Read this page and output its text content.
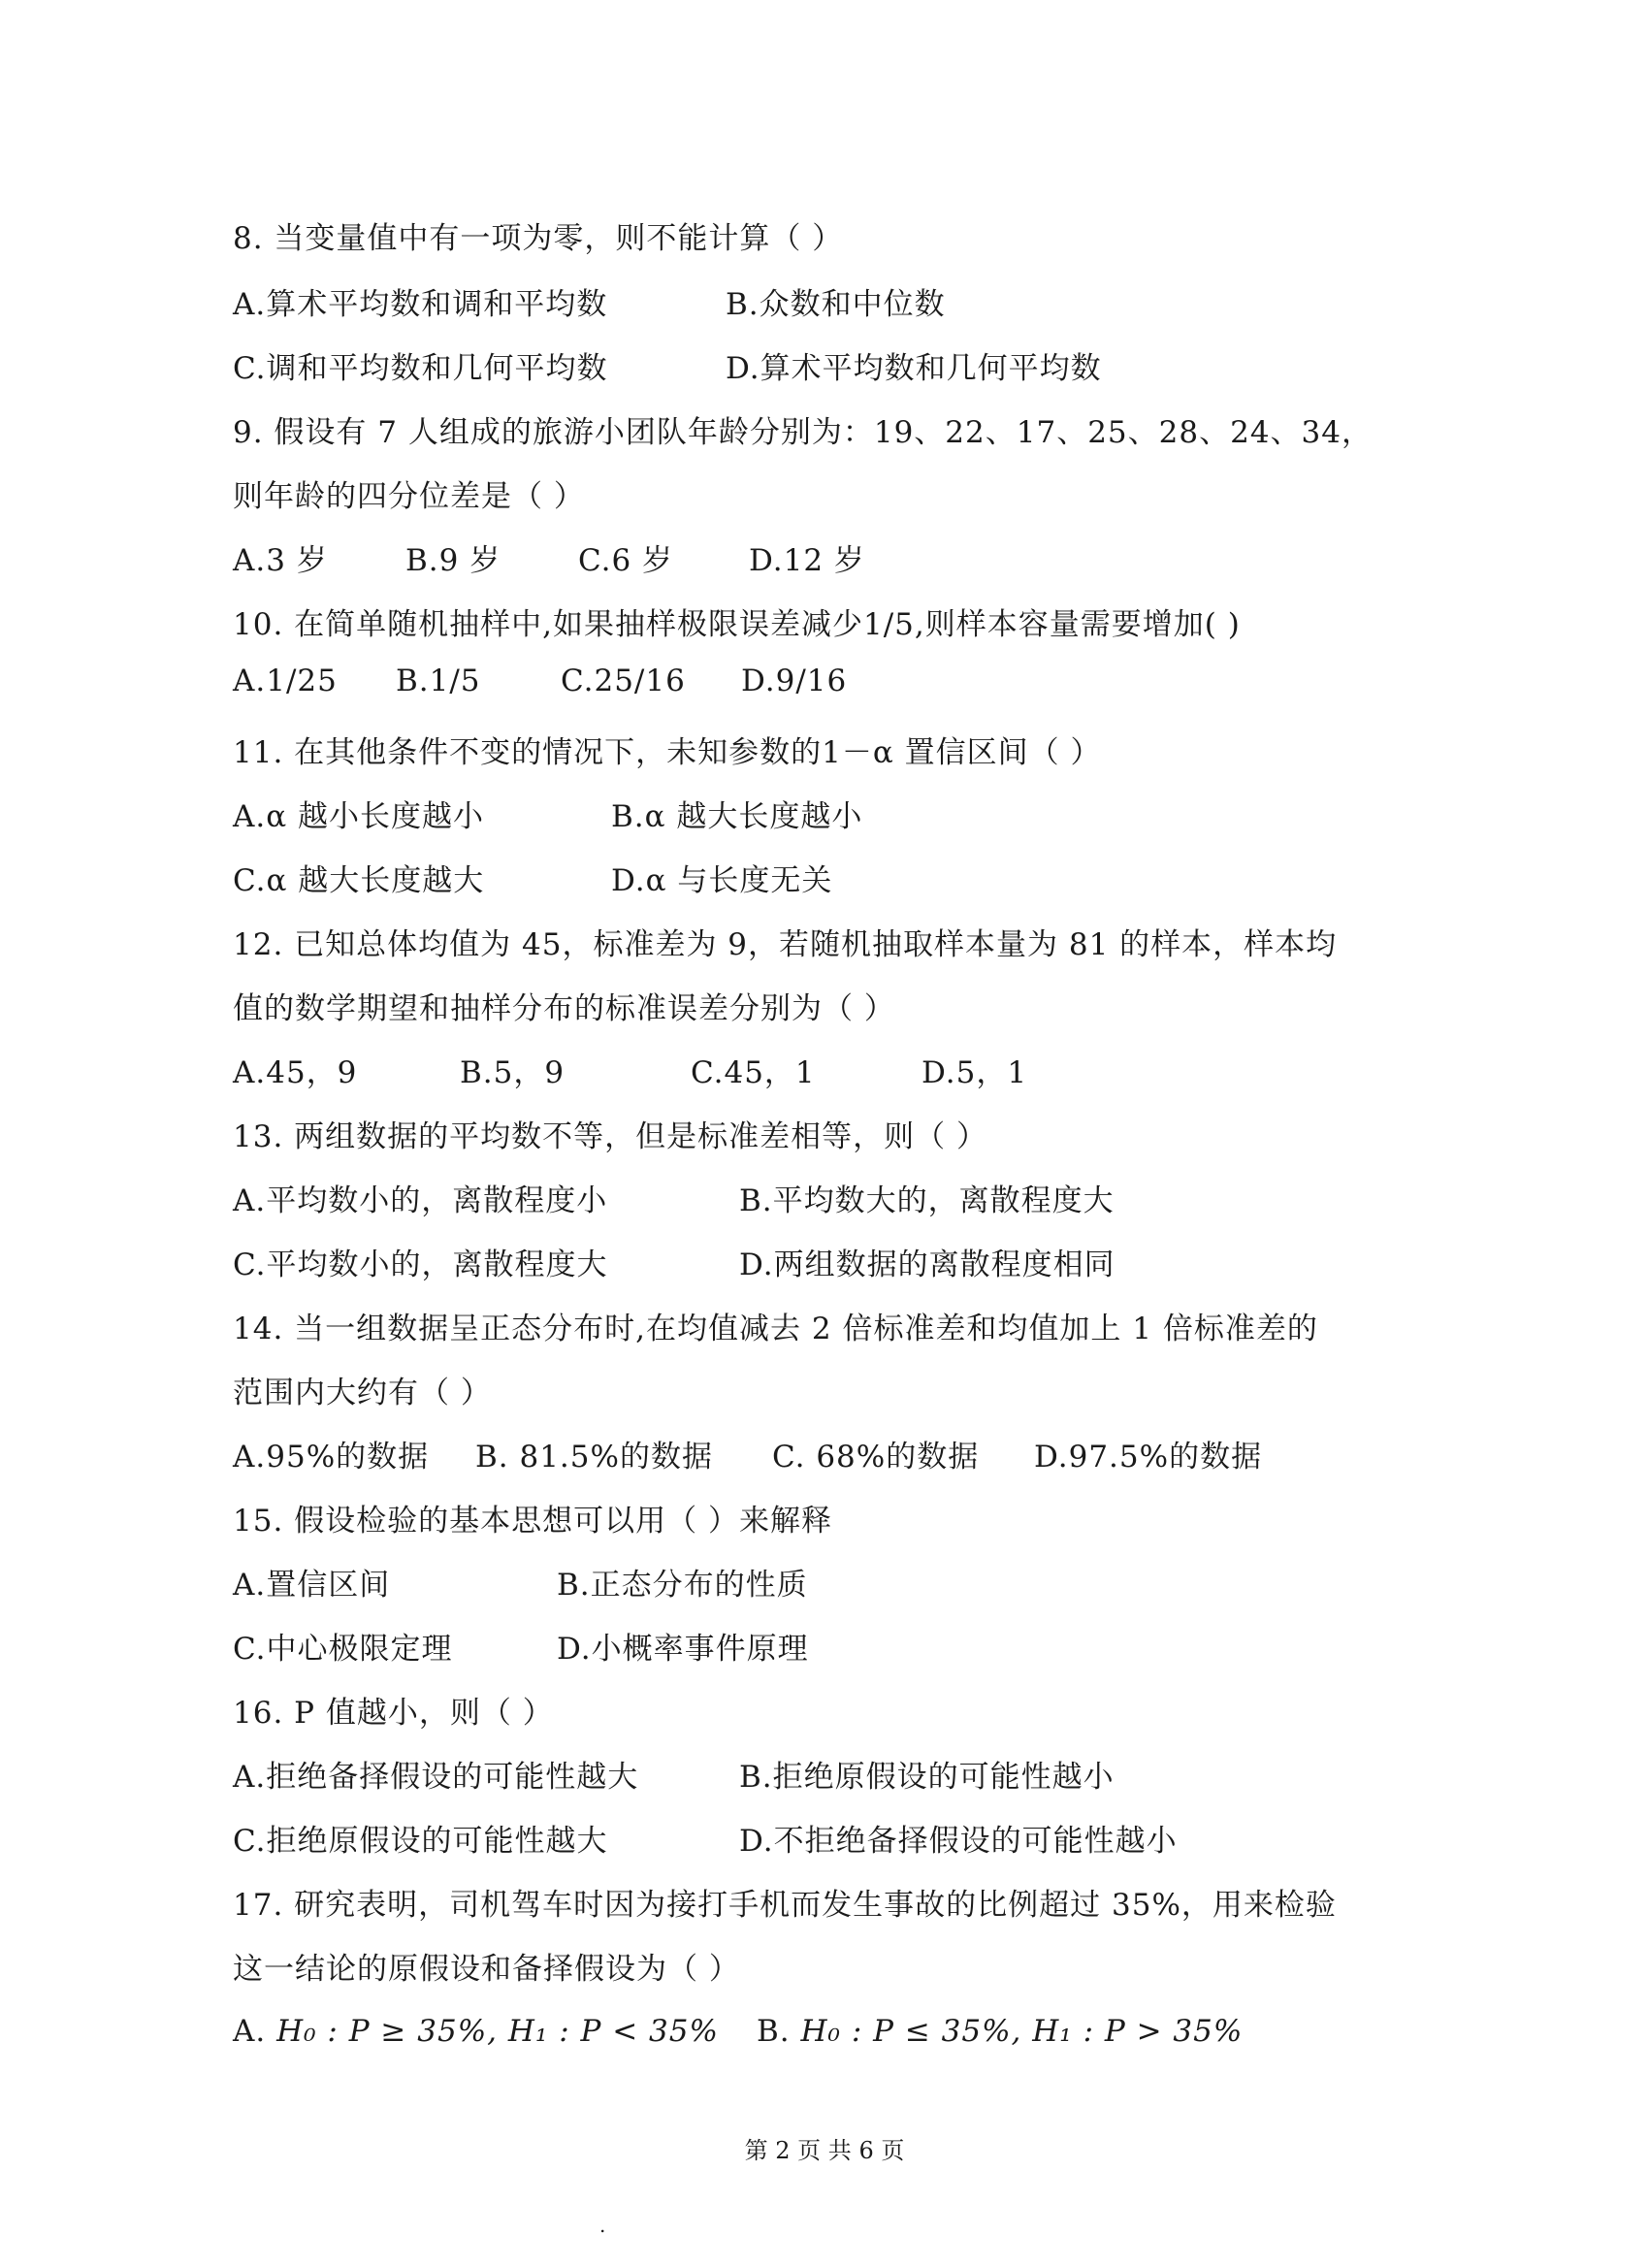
8. 当变量值中有一项为零，则不能计算（ ）
A.算术平均数和调和平均数	B.众数和中位数
C.调和平均数和几何平均数	D.算术平均数和几何平均数
9. 假设有 7 人组成的旅游小团队年龄分别为：19、22、17、25、28、24、34，
则年龄的四分位差是（ ）
A.3 岁	B.9 岁	C.6 岁	D.12 岁
10. 在简单随机抽样中,如果抽样极限误差减少1/5,则样本容量需要增加( )
A.1/25 B.1/5	C.25/16 D.9/16
11. 在其他条件不变的情况下，未知参数的1－α 置信区间（ ）
A.α 越小长度越小	B.α 越大长度越小
C.α 越大长度越大	D.α 与长度无关
12. 已知总体均值为 45，标准差为 9，若随机抽取样本量为 81 的样本，样本均
值的数学期望和抽样分布的标准误差分别为（ ）
A.45，9	B.5，9	C.45，1	D.5，1
13. 两组数据的平均数不等，但是标准差相等，则（ ）
A.平均数小的，离散程度小	B.平均数大的，离散程度大
C.平均数小的，离散程度大	D.两组数据的离散程度相同
14. 当一组数据呈正态分布时,在均值减去 2 倍标准差和均值加上 1 倍标准差的
范围内大约有（ ）
A.95%的数据 B. 81.5%的数据 C. 68%的数据 D.97.5%的数据
15. 假设检验的基本思想可以用（ ）来解释
A.置信区间	B.正态分布的性质
C.中心极限定理	D.小概率事件原理
16. P 值越小，则（ ）
A.拒绝备择假设的可能性越大	B.拒绝原假设的可能性越小
C.拒绝原假设的可能性越大	D.不拒绝备择假设的可能性越小
17. 研究表明，司机驾车时因为接打手机而发生事故的比例超过 35%，用来检验
这一结论的原假设和备择假设为（ ）
A. H₀ : P ≥ 35%, H₁ : P < 35% B. H₀ : P ≤ 35%, H₁ : P > 35%
第 2 页 共 6 页
.
